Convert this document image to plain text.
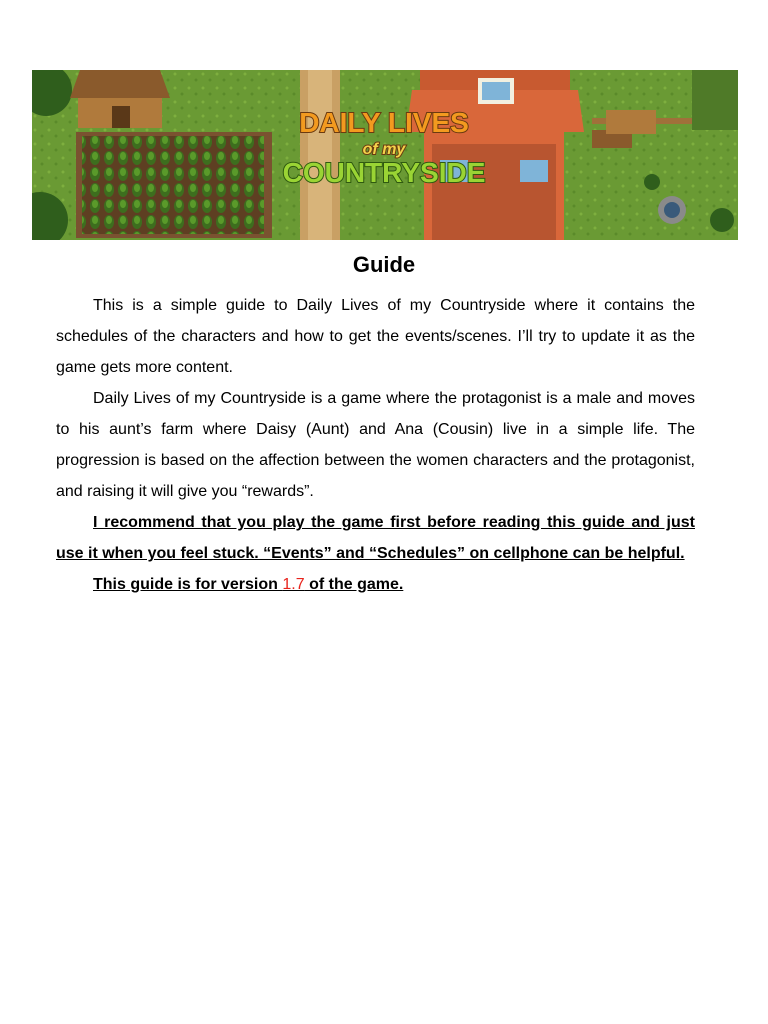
DAILY LIVES
of my
COUNTRYSIDE
Guide

This is a simple guide to Daily Lives of my Countryside where it contains the schedules of the characters and how to get the events/scenes. I’ll try to update it as the game gets more content.

Daily Lives of my Countryside is a game where the protagonist is a male and moves to his aunt’s farm where Daisy (Aunt) and Ana (Cousin) live in a simple life. The progression is based on the affection between the women characters and the protagonist, and raising it will give you “rewards”.

I recommend that you play the game first before reading this guide and just use it when you feel stuck. “Events” and “Schedules” on cellphone can be helpful.

This guide is for version 1.7 of the game.
